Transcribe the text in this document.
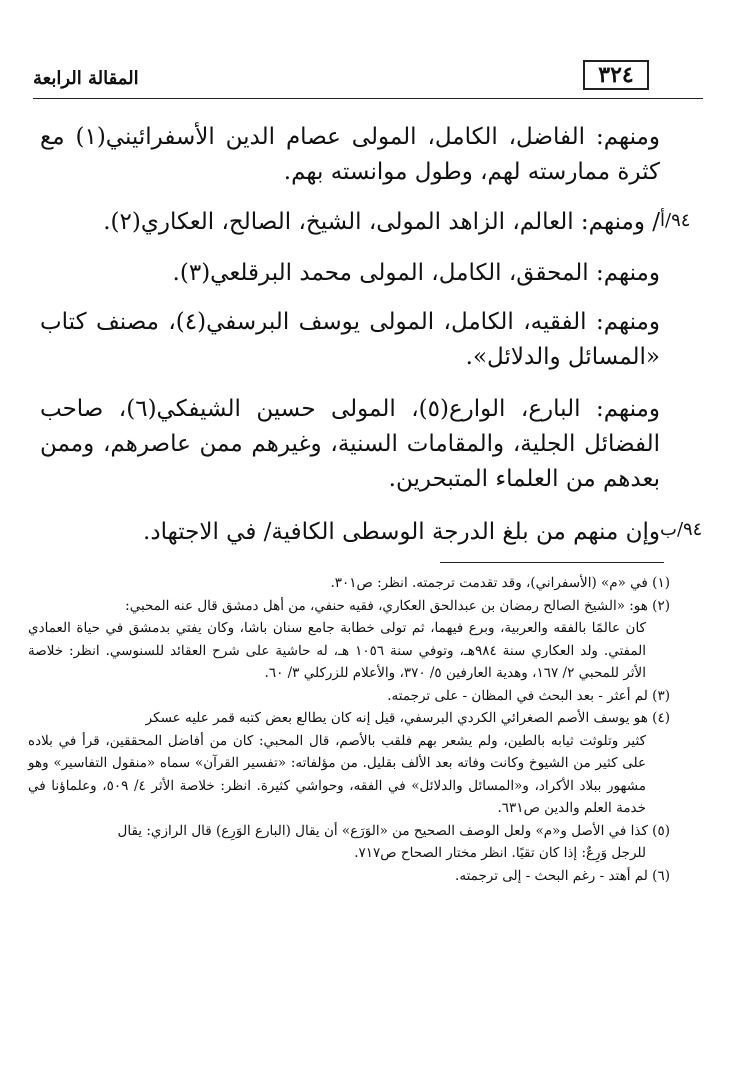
٣٢٤
المقالة الرابعة

ومنهم: الفاضل، الكامل، المولى عصام الدين الأسفرائيني(١) مع كثرة ممارسته لهم، وطول موانسته بهم.

٩٤/أ

/ ومنهم: العالم، الزاهد المولى، الشيخ، الصالح، العكاري(٢).

ومنهم: المحقق، الكامل، المولى محمد البرقلعي(٣).

ومنهم: الفقيه، الكامل، المولى يوسف البرسفي(٤)، مصنف كتاب «المسائل والدلائل».

ومنهم: البارع، الوارع(٥)، المولى حسين الشيفكي(٦)، صاحب الفضائل الجلية، والمقامات السنية، وغيرهم ممن عاصرهم، وممن بعدهم من العلماء المتبحرين.

٩٤/ب

وإن منهم من بلغ الدرجة الوسطى الكافية/ في الاجتهاد.

(١) في «م» (الأسفراني)، وقد تقدمت ترجمته. انظر: ص٣٠١.

(٢) هو: «الشيخ الصالح رمضان بن عبدالحق العكاري، فقيه حنفي، من أهل دمشق قال عنه المحبي:

كان عالمًا بالفقه والعربية، وبرع فيهما، ثم تولى خطابة جامع سنان باشا، وكان يفتي بدمشق في حياة العمادي المفتي. ولد العكاري سنة ٩٨٤هـ، وتوفي سنة ١٠٥٦ هـ، له حاشية على شرح العقائد للسنوسي. انظر: خلاصة الأثر للمحبي ٢/ ١٦٧، وهدية العارفين ٥/ ٣٧٠، والأعلام للزركلي ٣/ ٦٠.

(٣) لم أعثر - بعد البحث في المظان - على ترجمته.

(٤) هو يوسف الأصم الصغرائي الكردي البرسفي، قيل إنه كان يطالع بعض كتبه قمر عليه عسكر

كثير وتلوثت ثيابه بالطين، ولم يشعر بهم فلقب بالأصم، قال المحبي: كان من أفاضل المحققين، قرأ في بلاده على كثير من الشيوخ وكانت وفاته بعد الألف بقليل. من مؤلفاته: «تفسير القرآن» سماه «منقول التفاسير» وهو مشهور ببلاد الأكراد، و«المسائل والدلائل» في الفقه، وحواشي كثيرة. انظر: خلاصة الأثر ٤/ ٥٠٩، وعلماؤنا في خدمة العلم والدين ص٦٣١.

(٥) كذا في الأصل و«م» ولعل الوصف الصحيح من «الوَرَع» أن يقال (البارع الوَرِع) قال الرازي: يقال

للرجل وَرِعٌ: إذا كان تقيًا. انظر مختار الصحاح ص٧١٧.

(٦) لم أهتد - رغم البحث - إلى ترجمته.
